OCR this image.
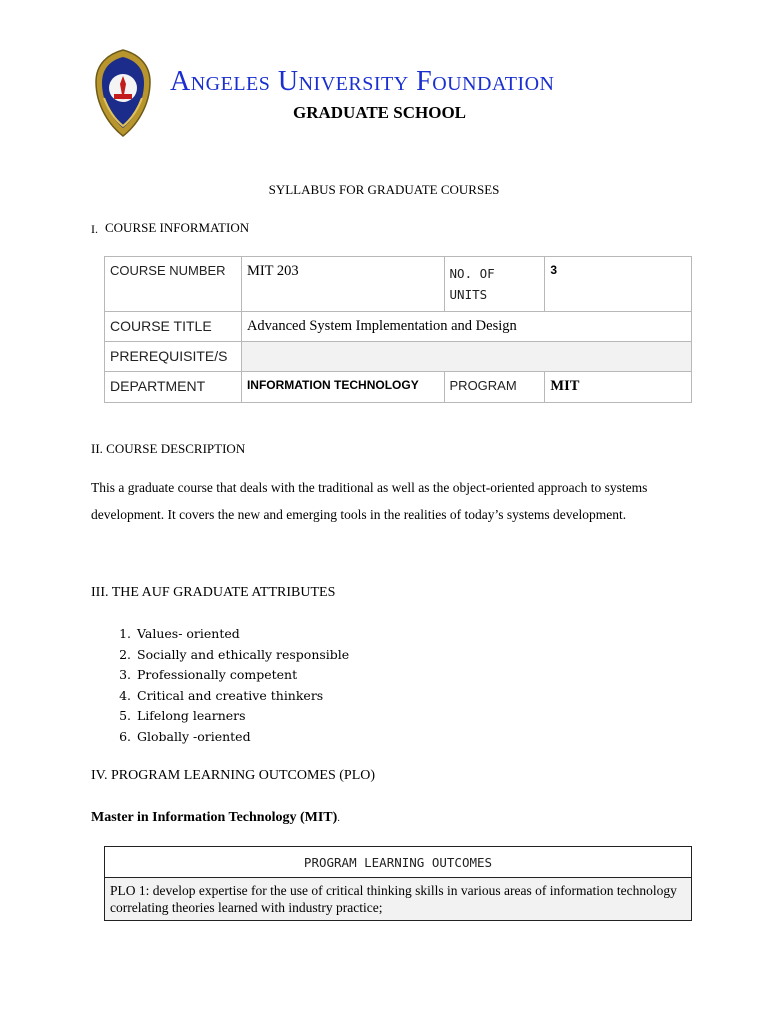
Angeles University Foundation
GRADUATE SCHOOL
SYLLABUS FOR GRADUATE COURSES
I. COURSE INFORMATION
COURSE NUMBER	MIT 203	NO. OF UNITS	3
COURSE TITLE	Advanced System Implementation and Design		
PREREQUISITE/S			
DEPARTMENT	INFORMATION TECHNOLOGY	PROGRAM	MIT
II. COURSE DESCRIPTION
This a graduate course that deals with the traditional as well as the object-oriented approach to systems development. It covers the new and emerging tools in the realities of today’s systems development.
III. THE AUF GRADUATE ATTRIBUTES
1. Values- oriented
2. Socially and ethically responsible
3. Professionally competent
4. Critical and creative thinkers
5. Lifelong learners
6. Globally -oriented
IV. PROGRAM LEARNING OUTCOMES (PLO)
Master in Information Technology (MIT).
PROGRAM LEARNING OUTCOMES
PLO 1: develop expertise for the use of critical thinking skills in various areas of information technology correlating theories learned with industry practice;
